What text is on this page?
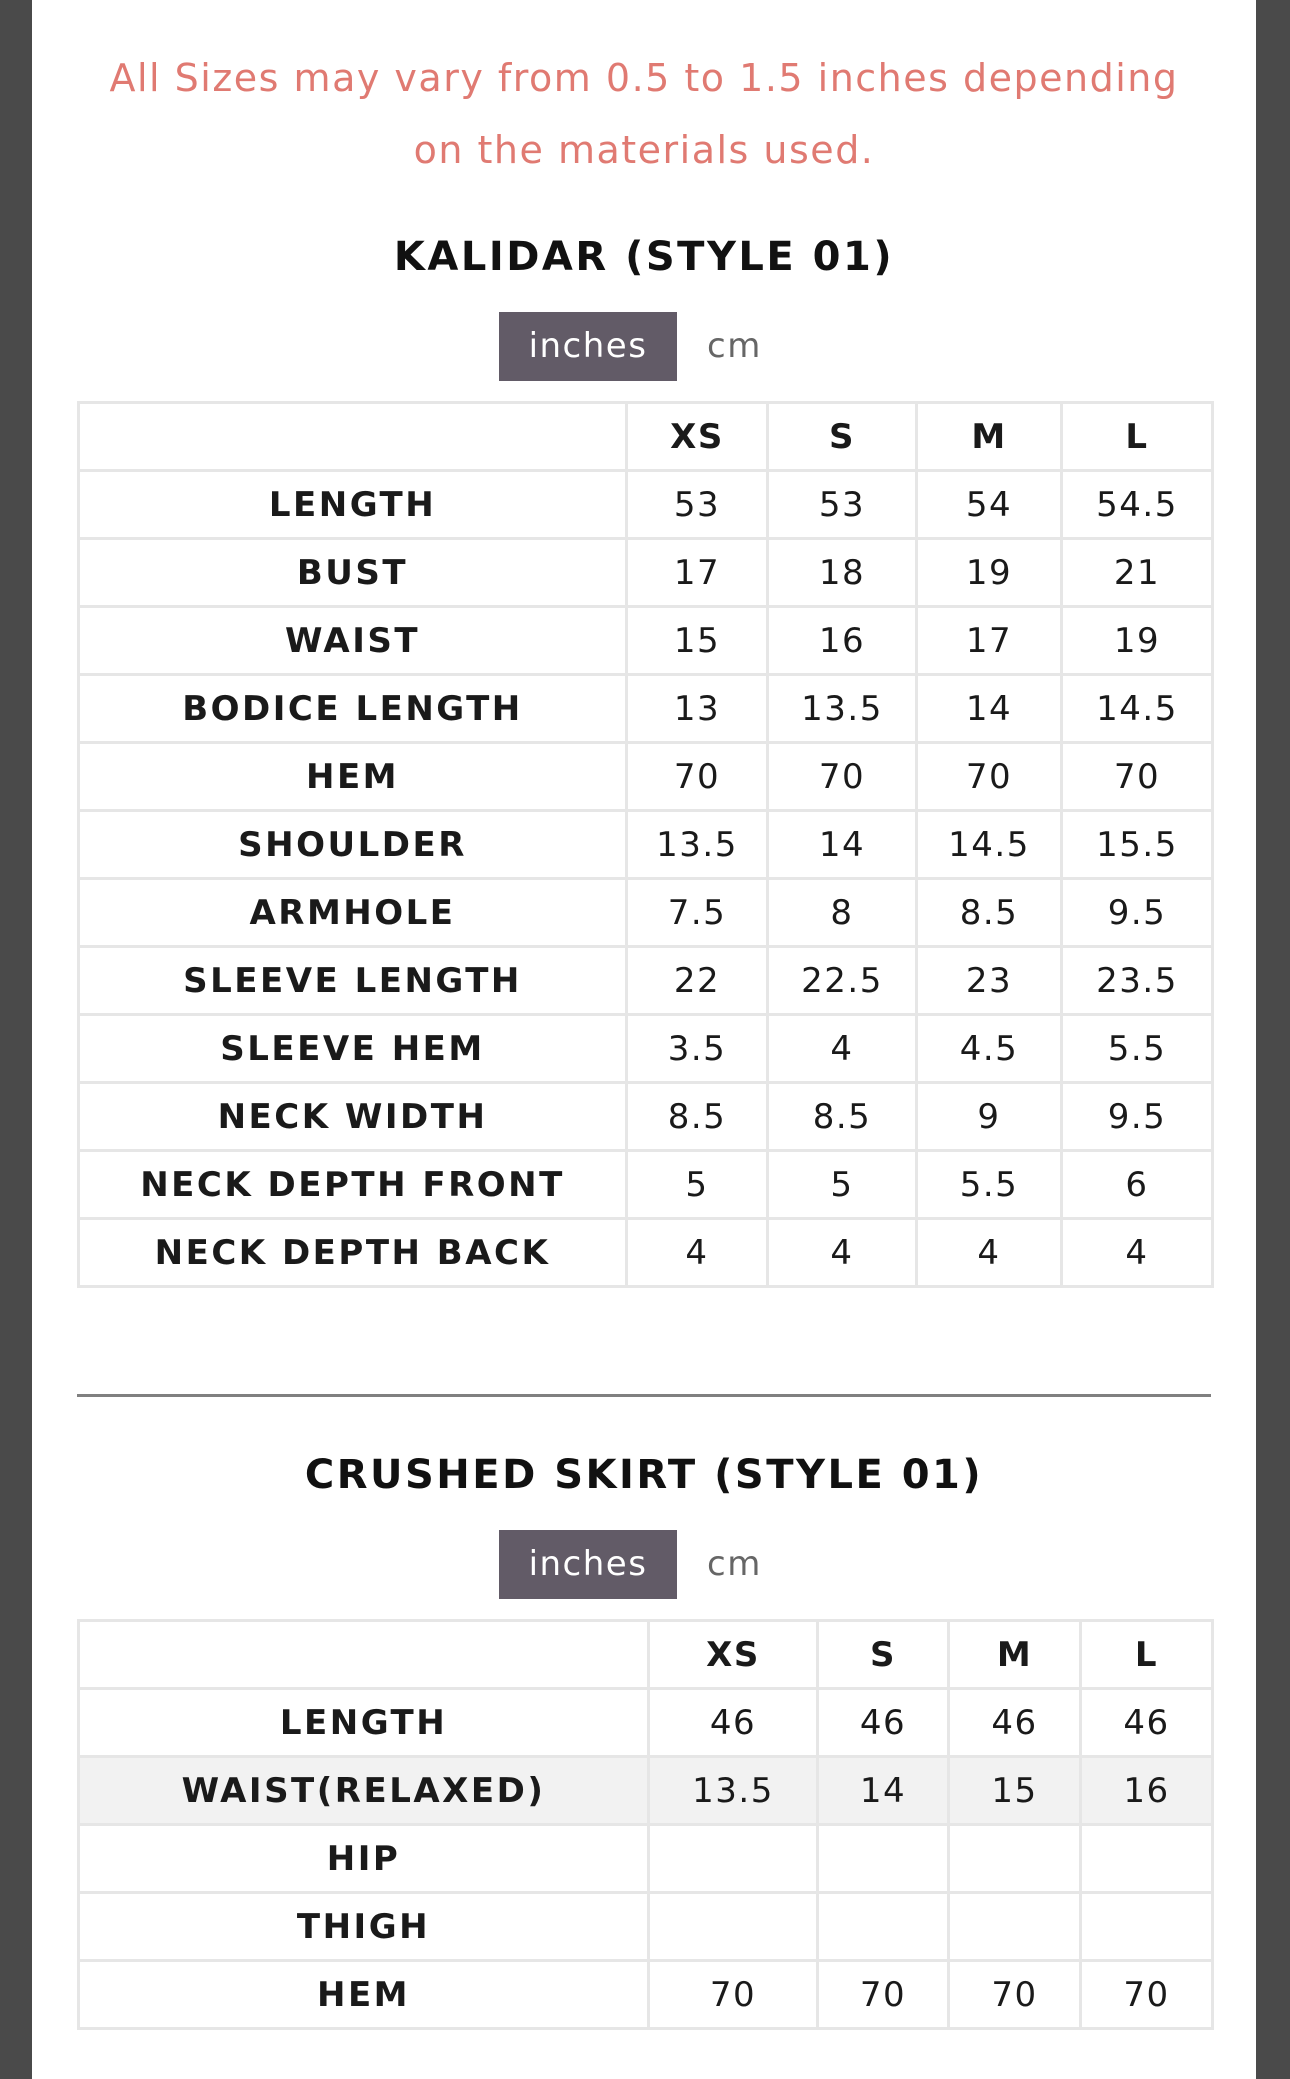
All Sizes may vary from 0.5 to 1.5 inches depending
on the materials used.
KALIDAR (STYLE 01)
inches	cm
	XS	S	M	L
LENGTH	53	53	54	54.5
BUST	17	18	19	21
WAIST	15	16	17	19
BODICE LENGTH	13	13.5	14	14.5
HEM	70	70	70	70
SHOULDER	13.5	14	14.5	15.5
ARMHOLE	7.5	8	8.5	9.5
SLEEVE LENGTH	22	22.5	23	23.5
SLEEVE HEM	3.5	4	4.5	5.5
NECK WIDTH	8.5	8.5	9	9.5
NECK DEPTH FRONT	5	5	5.5	6
NECK DEPTH BACK	4	4	4	4
CRUSHED SKIRT (STYLE 01)
inches	cm
	XS	S	M	L
LENGTH	46	46	46	46
WAIST(RELAXED)	13.5	14	15	16
HIP				
THIGH				
HEM	70	70	70	70
